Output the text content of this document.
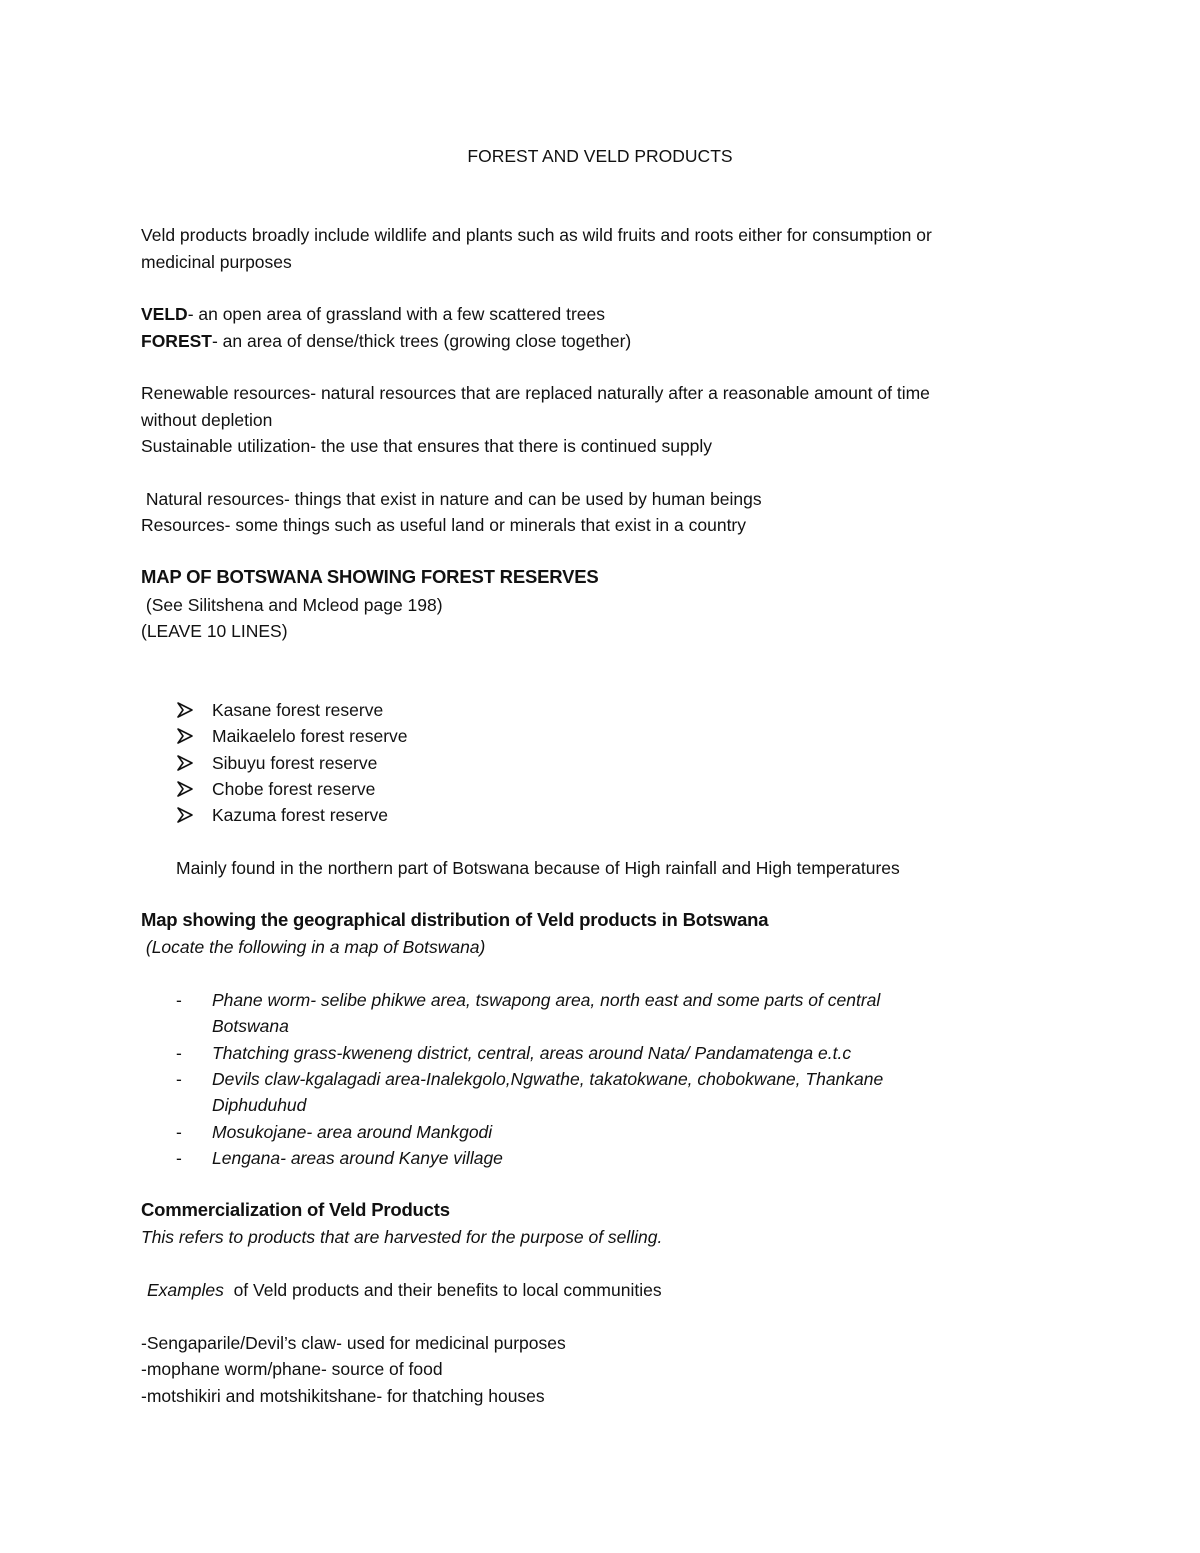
FOREST AND VELD PRODUCTS
Veld products broadly include wildlife and plants such as wild fruits and roots either for consumption or
medicinal purposes
VELD- an open area of grassland with a few scattered trees
FOREST- an area of dense/thick trees (growing close together)
Renewable resources- natural resources that are replaced naturally after a reasonable amount of time
without depletion
Sustainable utilization- the use that ensures that there is continued supply
Natural resources- things that exist in nature and can be used by human beings
Resources- some things such as useful land or minerals that exist in a country
MAP OF BOTSWANA SHOWING FOREST RESERVES
(See Silitshena and Mcleod page 198)
(LEAVE 10 LINES)
Kasane forest reserve
Maikaelelo forest reserve
Sibuyu forest reserve
Chobe forest reserve
Kazuma forest reserve
Mainly found in the northern part of Botswana because of High rainfall and High temperatures
Map showing the geographical distribution of Veld products in Botswana
(Locate the following in a map of Botswana)
- Phane worm- selibe phikwe area, tswapong area, north east and some parts of central
Botswana
- Thatching grass-kweneng district, central, areas around Nata/ Pandamatenga e.t.c
- Devils claw-kgalagadi area-Inalekgolo,Ngwathe, takatokwane, chobokwane, Thankane
Diphuduhud
- Mosukojane- area around Mankgodi
- Lengana- areas around Kanye village
Commercialization of Veld Products
This refers to products that are harvested for the purpose of selling.
Examples  of Veld products and their benefits to local communities
-Sengaparile/Devil’s claw- used for medicinal purposes
-mophane worm/phane- source of food
-motshikiri and motshikitshane- for thatching houses
